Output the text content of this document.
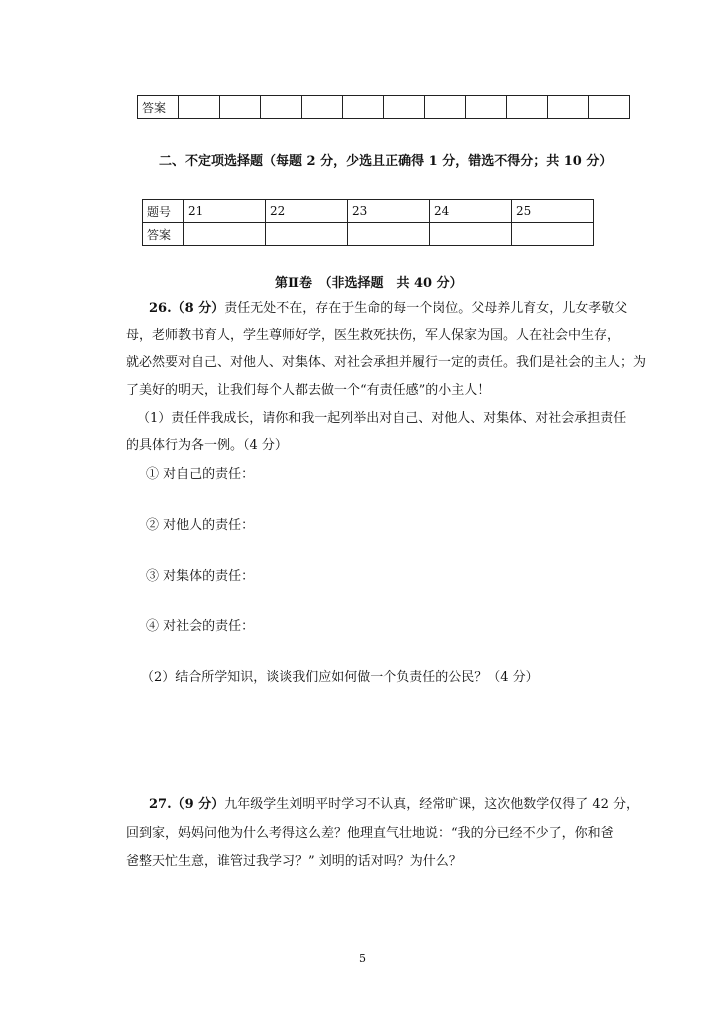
答案											
二、不定项选择题（每题 2 分，少选且正确得 1 分，错选不得分；共 10 分）
题号	21	22	23	24	25
答案					
第Ⅱ卷　（非选择题　共 40 分）
26.（8 分）责任无处不在，存在于生命的每一个岗位。父母养儿育女，儿女孝敬父
母，老师教书育人，学生尊师好学，医生救死扶伤，军人保家为国。人在社会中生存，
就必然要对自己、对他人、对集体、对社会承担并履行一定的责任。我们是社会的主人；为
了美好的明天，让我们每个人都去做一个“有责任感”的小主人！
（1）责任伴我成长，请你和我一起列举出对自己、对他人、对集体、对社会承担责任
的具体行为各一例。（4 分）
① 对自己的责任：
② 对他人的责任：
③ 对集体的责任：
④ 对社会的责任：
（2）结合所学知识，谈谈我们应如何做一个负责任的公民？（4 分）
27.（9 分）九年级学生刘明平时学习不认真，经常旷课，这次他数学仅得了 42 分，
回到家，妈妈问他为什么考得这么差？他理直气壮地说：“我的分已经不少了，你和爸
爸整天忙生意，谁管过我学习？” 刘明的话对吗？为什么？
5
